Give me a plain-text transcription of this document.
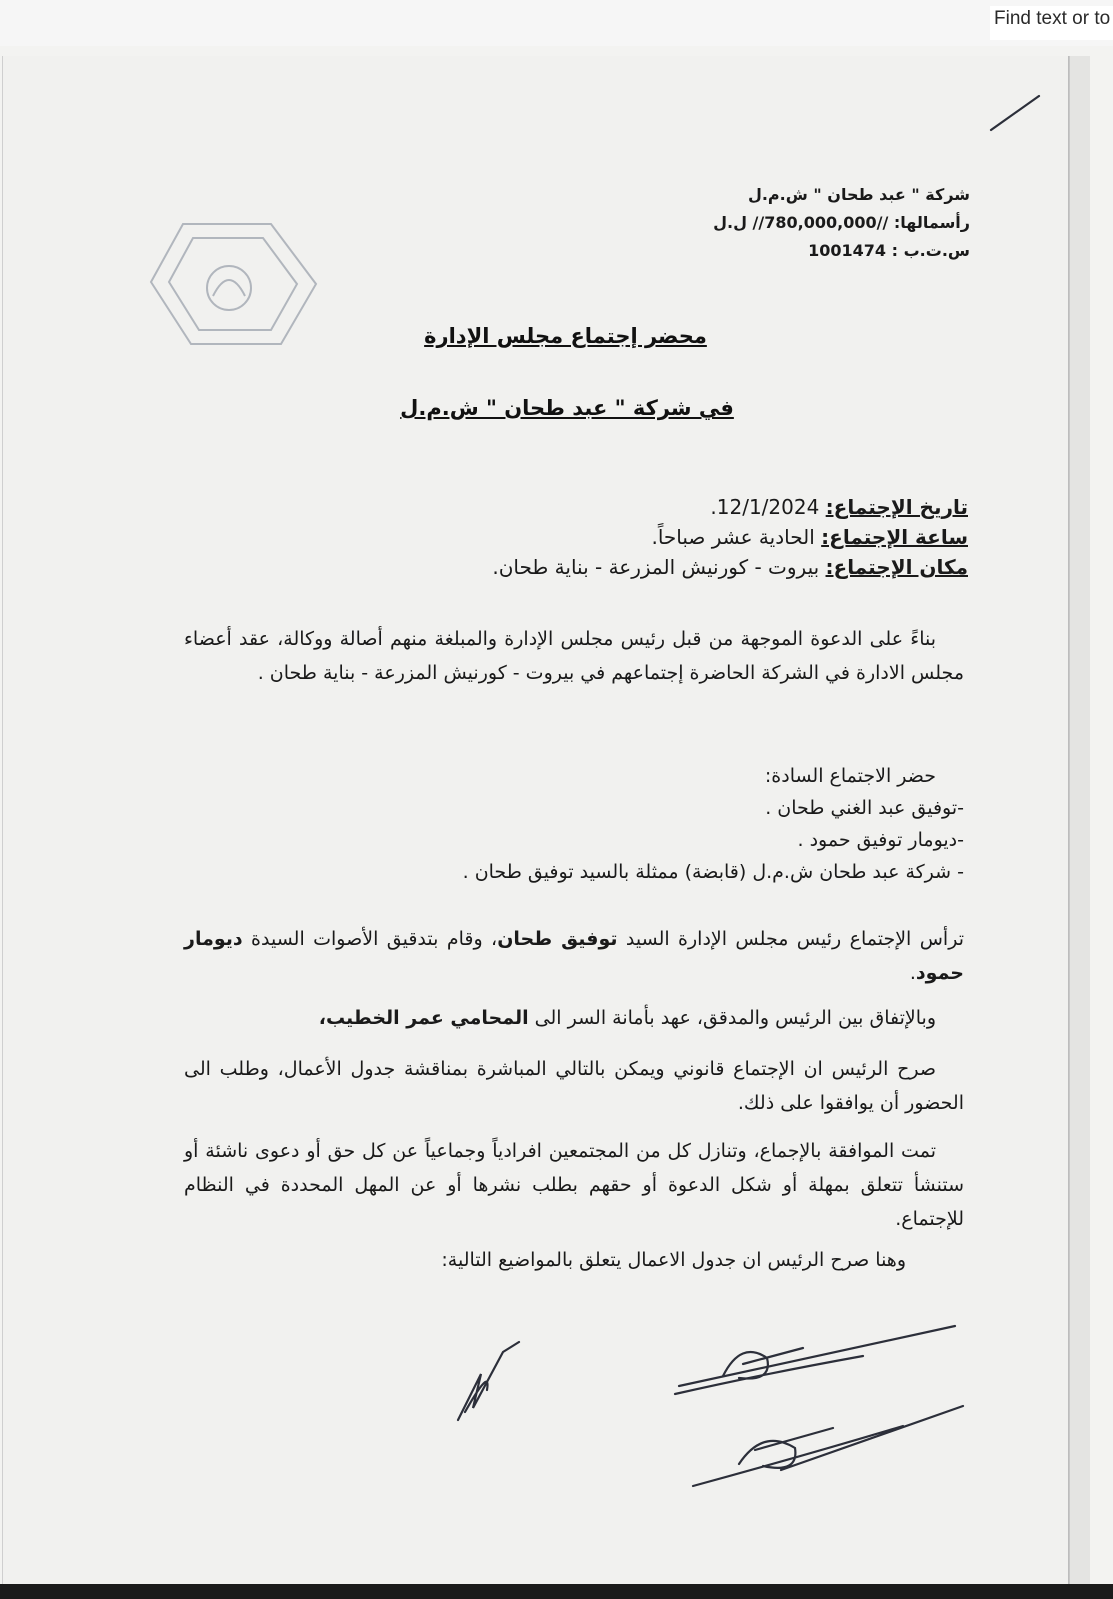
Find text or to
شركة " عبد طحان " ش.م.ل
رأسمالها: //780,000,000// ل.ل
س.ت.ب : 1001474
محضر إجتماع مجلس الإدارة
في شركة " عبد طحان " ش.م.ل
تاريخ الإجتماع: 12/1/2024.
ساعة الإجتماع: الحادية عشر صباحاً.
مكان الإجتماع: بيروت - كورنيش المزرعة - بناية طحان.
بناءً على الدعوة الموجهة من قبل رئيس مجلس الإدارة والمبلغة منهم أصالة ووكالة، عقد أعضاء مجلس الادارة في الشركة الحاضرة إجتماعهم في بيروت - كورنيش المزرعة - بناية طحان .
حضر الاجتماع السادة:
-توفيق عبد الغني طحان .
-ديومار توفيق حمود .
- شركة عبد طحان ش.م.ل (قابضة) ممثلة بالسيد توفيق طحان .
ترأس الإجتماع رئيس مجلس الإدارة السيد توفيق طحان، وقام بتدقيق الأصوات السيدة ديومار حمود.
وبالإتفاق بين الرئيس والمدقق، عهد بأمانة السر الى المحامي عمر الخطيب،
صرح الرئيس ان الإجتماع قانوني ويمكن بالتالي المباشرة بمناقشة جدول الأعمال، وطلب الى الحضور أن يوافقوا على ذلك.
تمت الموافقة بالإجماع، وتنازل كل من المجتمعين افرادياً وجماعياً عن كل حق أو دعوى ناشئة أو ستنشأ تتعلق بمهلة أو شكل الدعوة أو حقهم بطلب نشرها أو عن المهل المحددة في النظام للإجتماع.
وهنا صرح الرئيس ان جدول الاعمال يتعلق بالمواضيع التالية:
